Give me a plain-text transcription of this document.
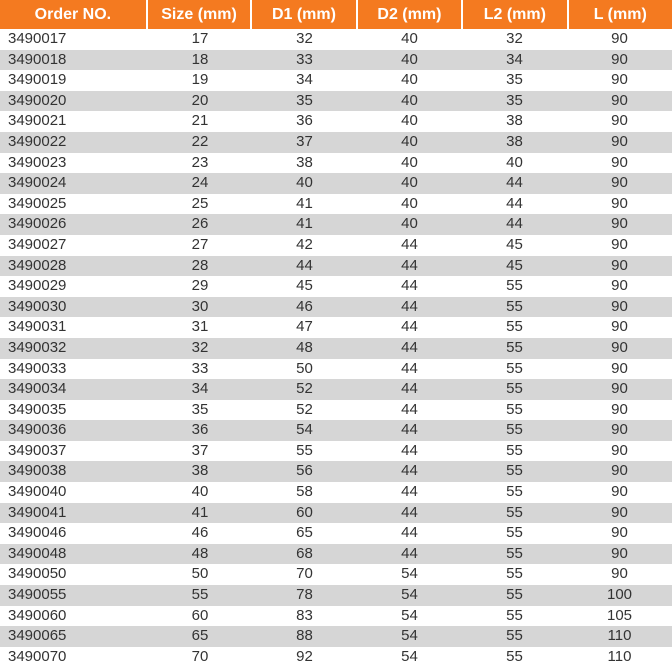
Order NO.	Size (mm)	D1 (mm)	D2 (mm)	L2 (mm)	L (mm)
3490017	17	32	40	32	90
3490018	18	33	40	34	90
3490019	19	34	40	35	90
3490020	20	35	40	35	90
3490021	21	36	40	38	90
3490022	22	37	40	38	90
3490023	23	38	40	40	90
3490024	24	40	40	44	90
3490025	25	41	40	44	90
3490026	26	41	40	44	90
3490027	27	42	44	45	90
3490028	28	44	44	45	90
3490029	29	45	44	55	90
3490030	30	46	44	55	90
3490031	31	47	44	55	90
3490032	32	48	44	55	90
3490033	33	50	44	55	90
3490034	34	52	44	55	90
3490035	35	52	44	55	90
3490036	36	54	44	55	90
3490037	37	55	44	55	90
3490038	38	56	44	55	90
3490040	40	58	44	55	90
3490041	41	60	44	55	90
3490046	46	65	44	55	90
3490048	48	68	44	55	90
3490050	50	70	54	55	90
3490055	55	78	54	55	100
3490060	60	83	54	55	105
3490065	65	88	54	55	110
3490070	70	92	54	55	110
